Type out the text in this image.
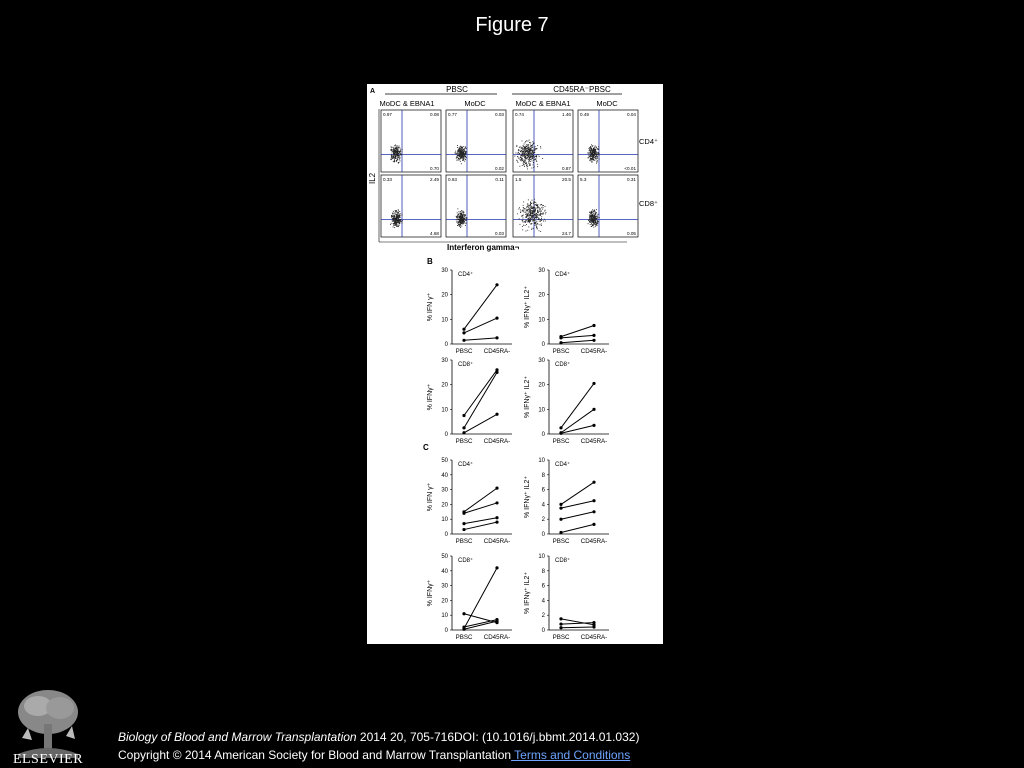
Figure 7
A	PBSC	CD45RA⁻PBSC
MoDC & EBNA1	MoDC	MoDC & EBNA1	MoDC
CD4⁺
CD8⁺
IL2
Interferon gamma¬
0.97	0.08
0.70
0.77	0.03
0.02
0.74	1.46
0.87
0.49	0.04
<0.01
0.33	2.49
4.68
0.63	0.11
0.03
1.5	20.5
24.7
5.3	0.31
0.05
B
C
0
10
20
30
PBSC CD45RA-
CD4⁺
% IFN γ⁺
0
10
20
30
PBSC CD45RA-
CD4⁺
% IFNγ⁺ IL2⁺
0
10
20
30
PBSC CD45RA-
CD8⁺
% IFNγ⁺
0
10
20
30
PBSC CD45RA-
CD8⁺
% IFNγ⁺ IL2⁺
0
10
20
30
40
50
PBSC CD45RA-
CD4⁺
% IFN γ⁺
0
2
4
6
8
10
PBSC CD45RA-
CD4⁺
% IFNγ⁺ IL2⁺
0
10
20
30
40
50
PBSC CD45RA-
CD8⁺
% IFNγ⁺
0
2
4
6
8
10
PBSC CD45RA-
CD8⁺
% IFNγ⁺ IL2⁺
ELSEVIER
Biology of Blood and Marrow Transplantation 2014 20, 705-716DOI: (10.1016/j.bbmt.2014.01.032)
Copyright © 2014 American Society for Blood and Marrow Transplantation Terms and Conditions
